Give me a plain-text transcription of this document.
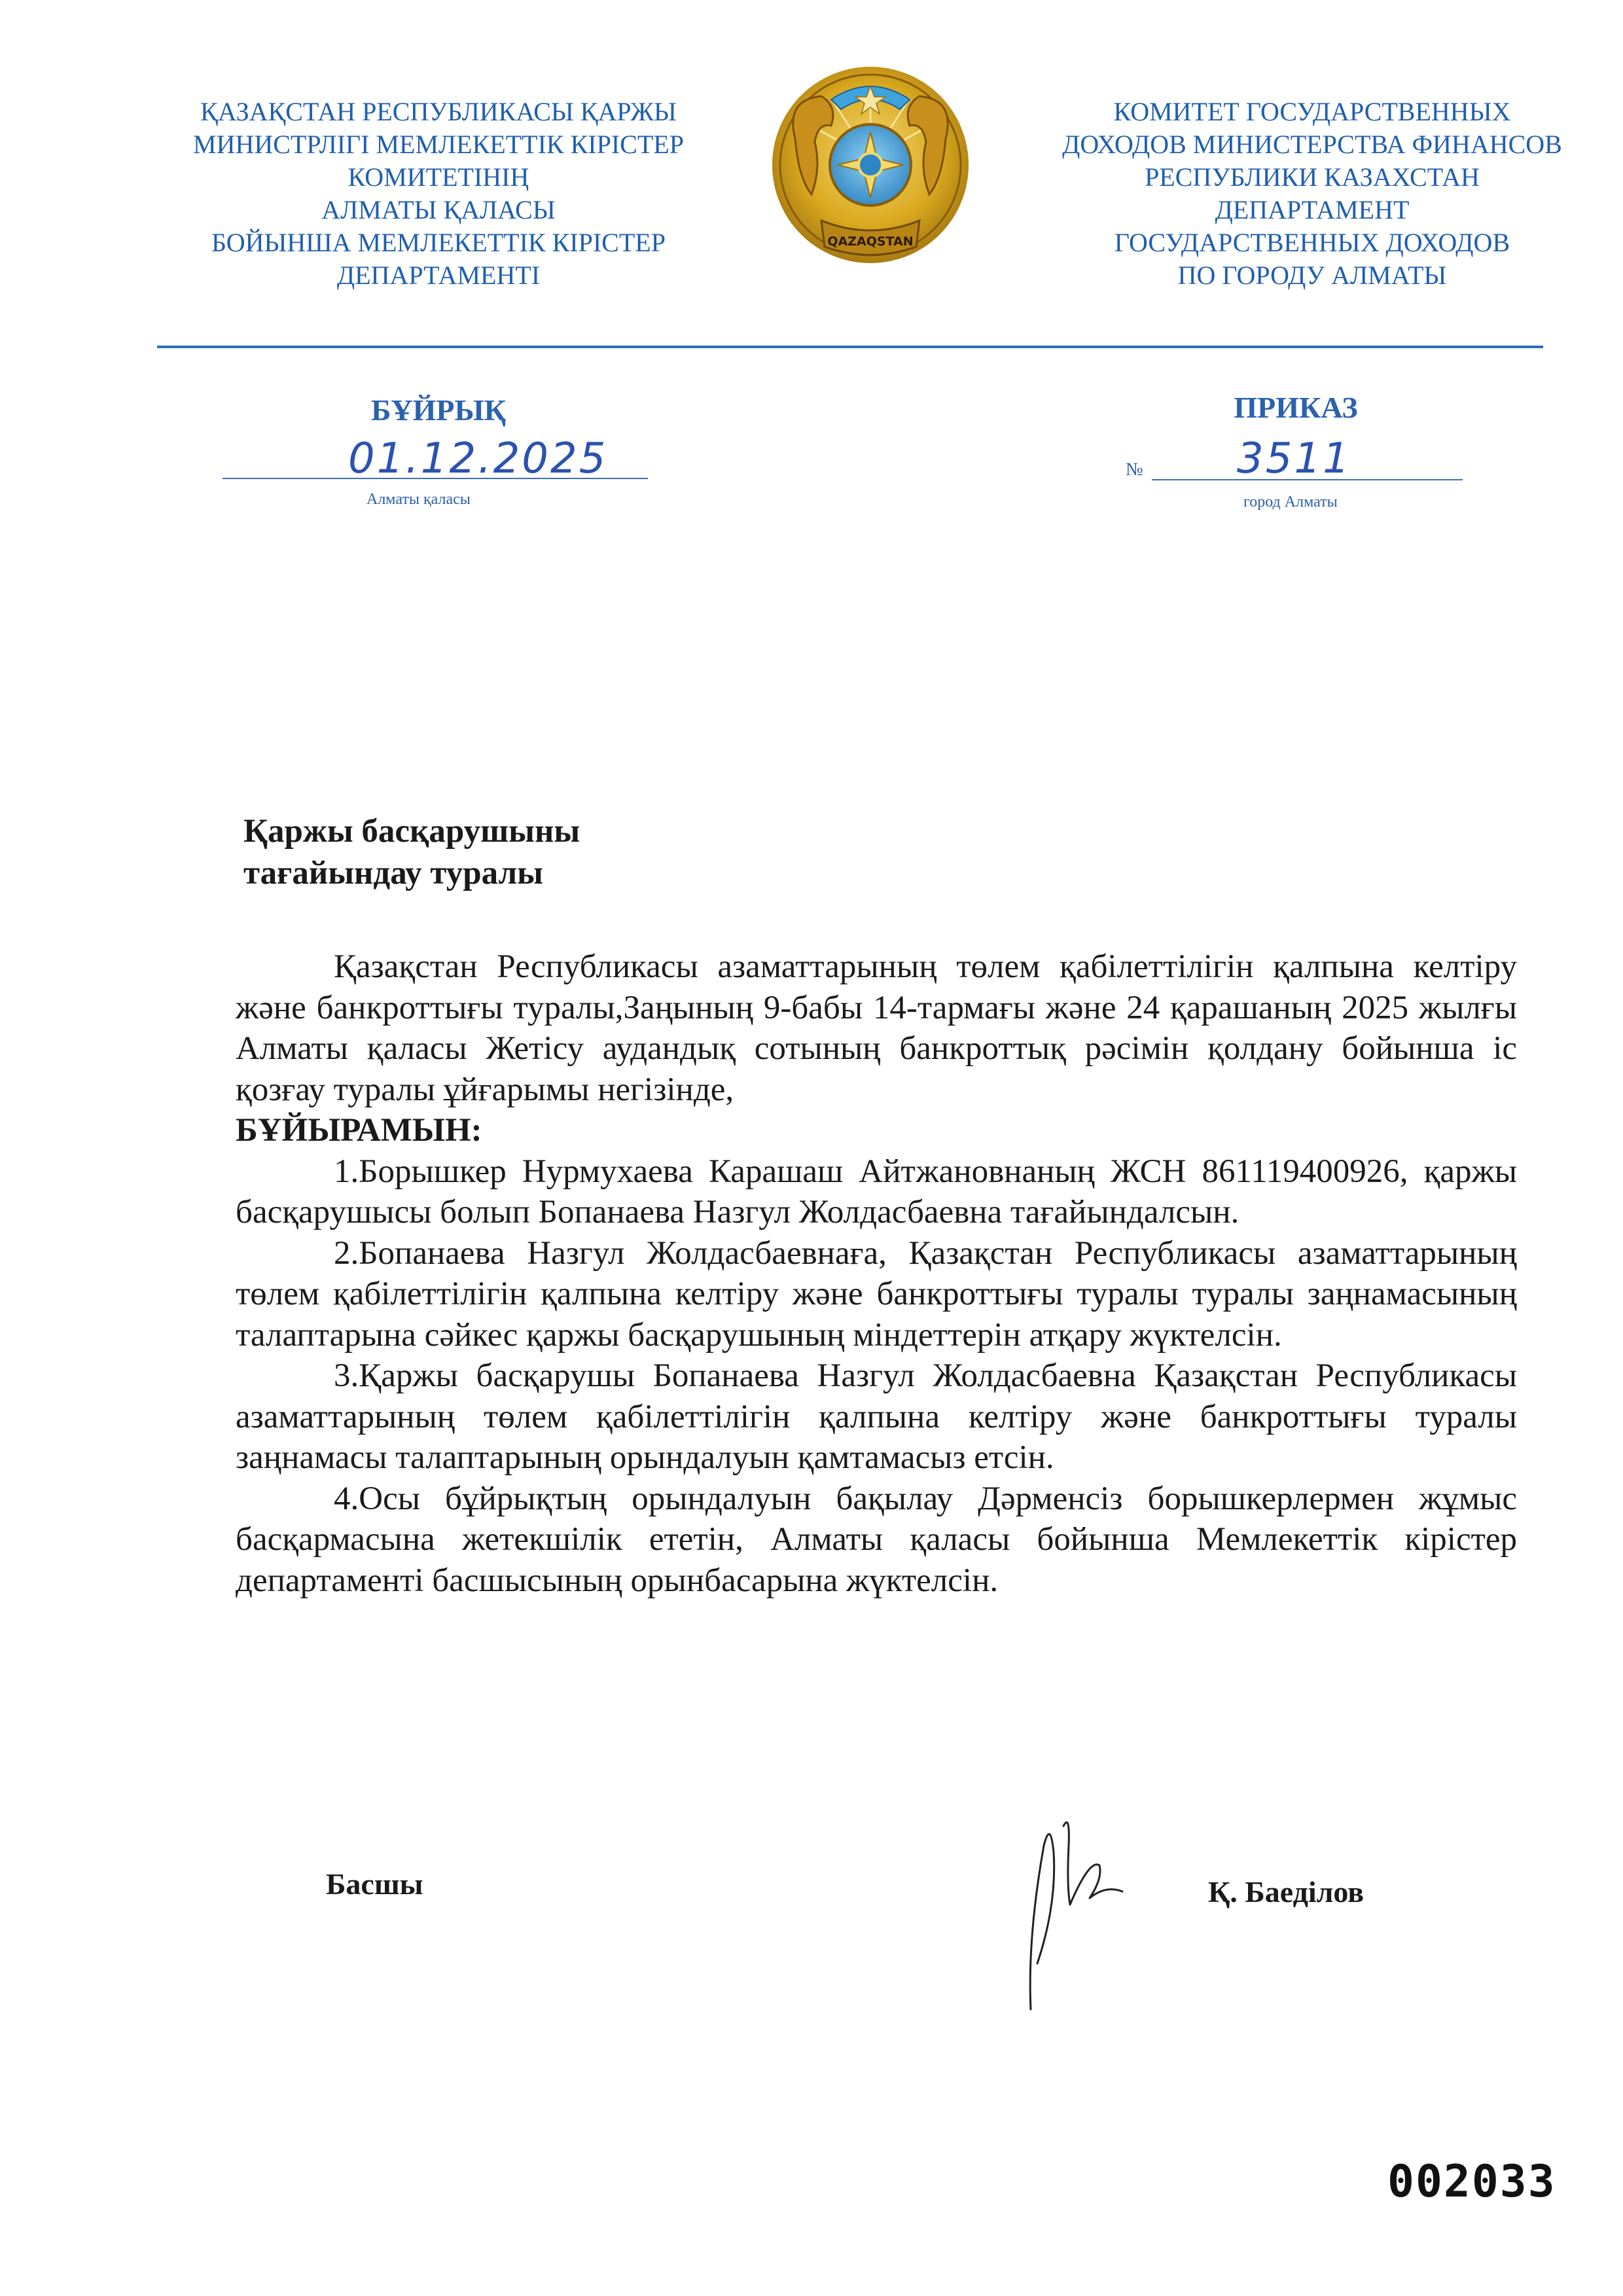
ҚАЗАҚСТАН РЕСПУБЛИКАСЫ ҚАРЖЫ
МИНИСТРЛІГІ МЕМЛЕКЕТТІК КІРІСТЕР
КОМИТЕТІНІҢ
АЛМАТЫ ҚАЛАСЫ
БОЙЫНША МЕМЛЕКЕТТІК КІРІСТЕР
ДЕПАРТАМЕНТІ
QAZAQSTAN
КОМИТЕТ ГОСУДАРСТВЕННЫХ
ДОХОДОВ МИНИСТЕРСТВА ФИНАНСОВ
РЕСПУБЛИКИ КАЗАХСТАН
ДЕПАРТАМЕНТ
ГОСУДАРСТВЕННЫХ ДОХОДОВ
ПО ГОРОДУ АЛМАТЫ
БҰЙРЫҚ	ПРИКАЗ
01.12.2025
Алматы қаласы
№ 3511
город Алматы
Қаржы басқарушыны
тағайындау туралы

Қазақстан Республикасы азаматтарының төлем қабілеттілігін қалпына келтіру және банкроттығы туралы,Заңының 9-бабы 14-тармағы және 24 қарашаның 2025 жылғы Алматы қаласы Жетісу аудандық сотының банкроттық рәсімін қолдану бойынша іс қозғау туралы ұйғарымы негізінде,

БҰЙЫРАМЫН:

1.Борышкер Нурмухаева Карашаш Айтжановнаның ЖСН 861119400926, қаржы басқарушысы болып Бопанаева Назгул Жолдасбаевна тағайындалсын.

2.Бопанаева Назгул Жолдасбаевнаға, Қазақстан Республикасы азаматтарының төлем қабілеттілігін қалпына келтіру және банкроттығы туралы туралы заңнамасының талаптарына сәйкес қаржы басқарушының міндеттерін атқару жүктелсін.

3.Қаржы басқарушы Бопанаева Назгул Жолдасбаевна Қазақстан Республикасы азаматтарының төлем қабілеттілігін қалпына келтіру және банкроттығы туралы заңнамасы талаптарының орындалуын қамтамасыз етсін.

4.Осы бұйрықтың орындалуын бақылау Дәрменсіз борышкерлермен жұмыс басқармасына жетекшілік ететін, Алматы қаласы бойынша Мемлекеттік кірістер департаменті басшысының орынбасарына жүктелсін.

Басшы	Қ. Баеділов
002033
